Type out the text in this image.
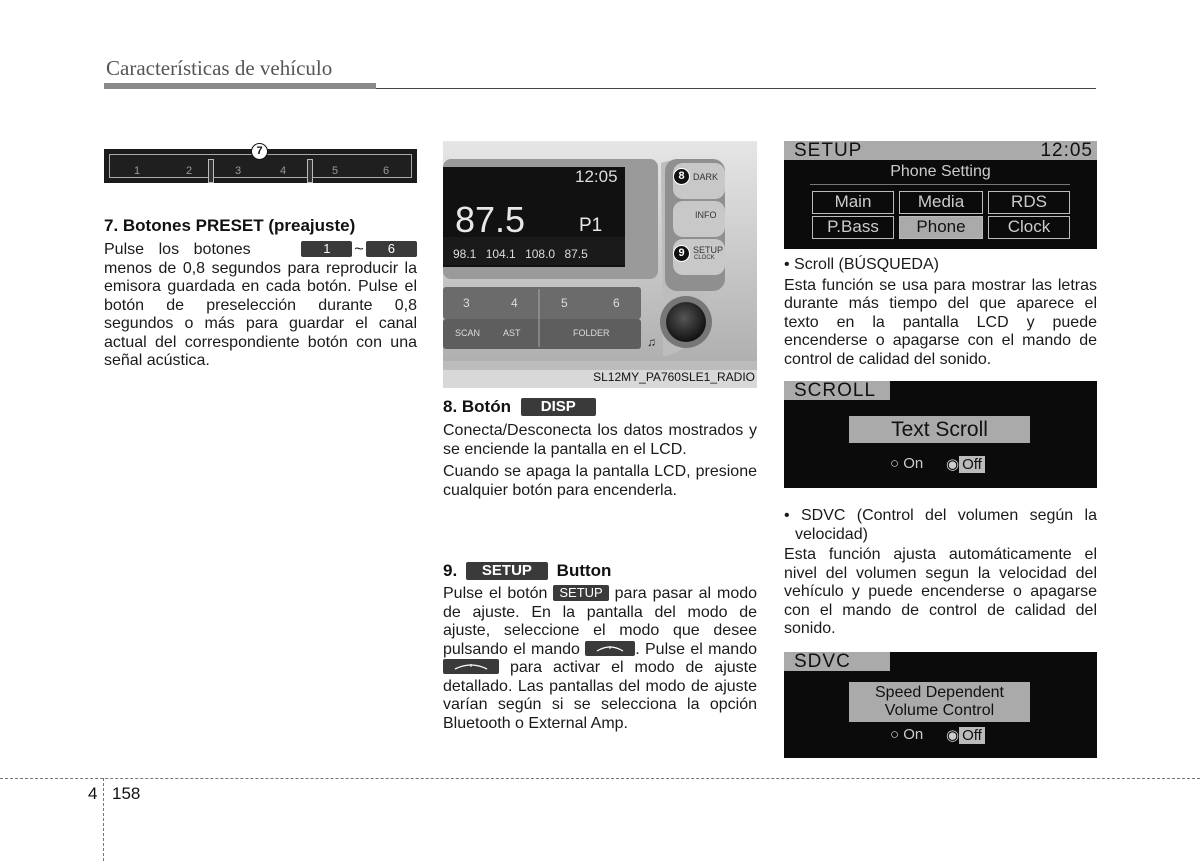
Características de vehículo
1	2	3	4	5	6
7
7. Botones PRESET (preajuste)

Pulse los botones	1 ~ 6 menos de 0,8 segundos para reproducir la emisora guardada en cada botón. Pulse el botón de preselección durante 0,8 segundos o más para guardar el canal actual del correspondiente botón con una señal acústica.

12:05
87.5	P1
98.1 104.1 108.0 87.5
3	4	5	6
SCAN	AST	FOLDER
DARK
INFO
SETUP
CLOCK
8
9
♫
SL12MY_PA760SLE1_RADIO
8. Botón DISP

Conecta/Desconecta los datos mostrados y se enciende la pantalla en el LCD.

Cuando se apaga la pantalla LCD, presione cualquier botón para encenderla.

9. SETUP Button

Pulse el botón SETUP para pasar al modo de ajuste. En la pantalla del modo de ajuste, seleccione el modo que desee pulsando el mando	. Pulse el mando
para activar el modo de ajuste detallado. Las pantallas del modo de ajuste varían según si se selecciona la opción Bluetooth o External Amp.

SETUP	12:05
Phone Setting
Main	Media	RDS
P.Bass	Phone	Clock

• Scroll (BÚSQUEDA)

Esta función se usa para mostrar las letras durante más tiempo del que aparece el texto en la pantalla LCD y puede encenderse o apagarse con el mando de control de calidad del sonido.

SCROLL
Text Scroll
○ On ◉ Off

• SDVC (Control del volumen según la velocidad)

Esta función ajusta automáticamente el nivel del volumen segun la velocidad del vehículo y puede encenderse o apagarse con el mando de control de calidad del sonido.

SDVC
Speed Dependent
Volume Control
○ On ◉ Off
4 158
